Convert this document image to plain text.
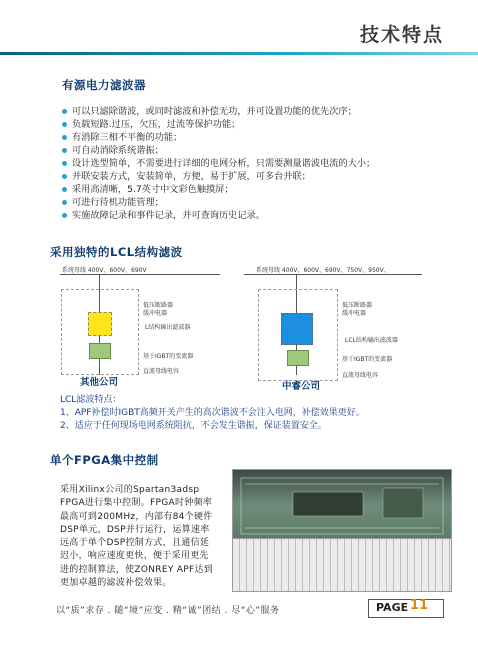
技术特点
有源电力滤波器
可以只滤除谐波，或同时滤波和补偿无功，并可设置功能的优先次序；
负载短路.过压，欠压，过流等保护功能；
有消除三相不平衡的功能；
可自动消除系统谐振；
设计选型简单，不需要进行详细的电网分析，只需要测量谐波电流的大小；
并联安装方式，安装简单，方便，易于扩展，可多台并联；
采用高清晰，5.7英寸中文彩色触摸屏；
可进行待机功能管理；
实施故障记录和事件记录，并可查询历史记录。
采用独特的LCL结构滤波
系统母线 400V、600V、690V
低压断路器
缓冲电器
L结构输出滤波器
基于IGBT的变流器
直流母线电容
其他公司
系统母线 400V、600V、690V、750V、950V、
低压断路器
缓冲电器
LCL结构输出滤波器
基于IGBT的变流器
直流母线电容
中睿公司
LCL滤波特点：
1、APF补偿时IGBT高频开关产生的高次谐波不会注入电网，补偿效果更好。
2、适应于任何现场电网系统阻抗，不会发生谐振，保证装置安全。
单个FPGA集中控制
采用Xilinx公司的Spartan3adsp FPGA进行集中控制。FPGA时钟频率最高可到200MHz，内部有84个硬件DSP单元，DSP并行运行，运算速率远高于单个DSP控制方式，且通信延迟小，响应速度更快，便于采用更先进的控制算法，使ZONREY APF达到更加卓越的滤波补偿效果。
以“质”求存 . 随“境”应变 . 精“诚”团结 . 尽“心”服务	PAGE 11
